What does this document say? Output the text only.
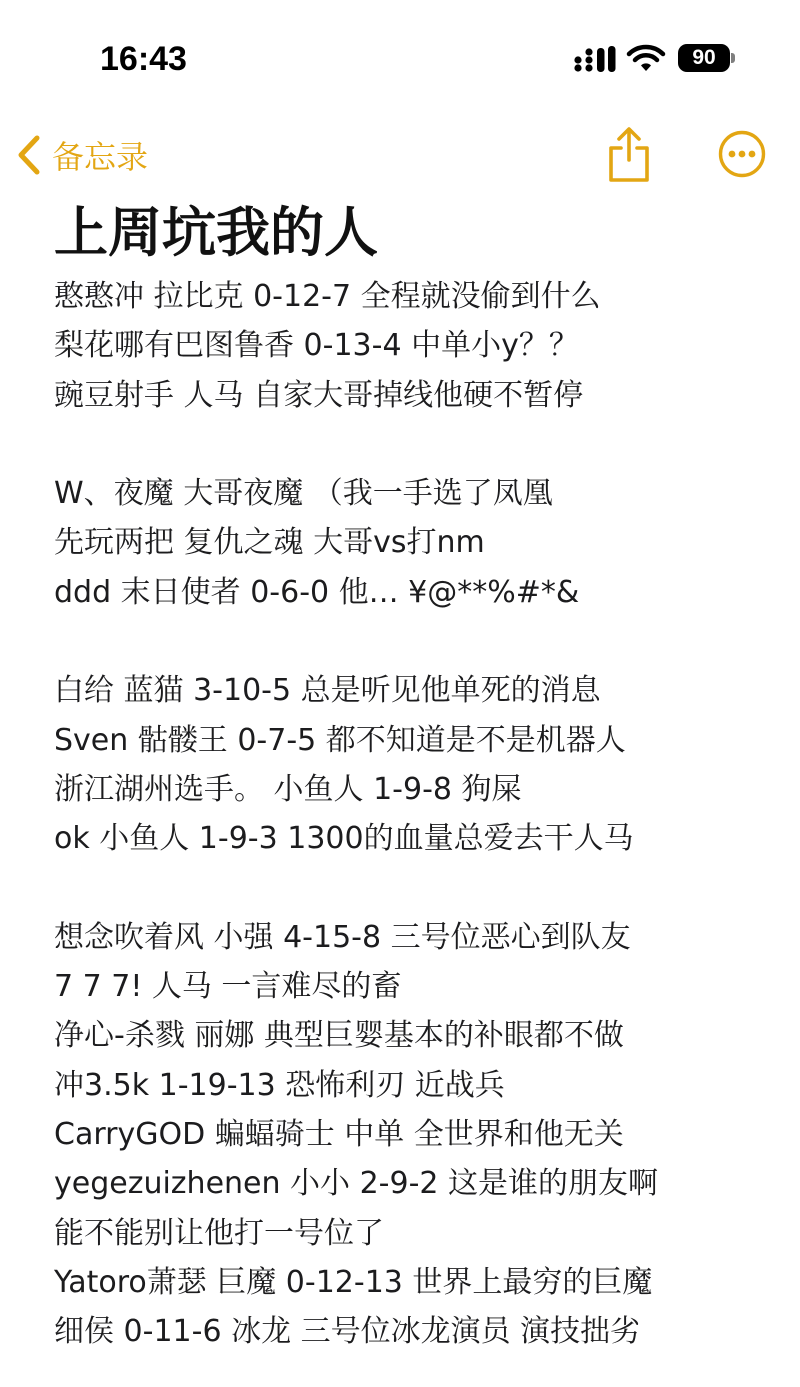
16:43	90
备忘录
上周坑我的人
憨憨冲 拉比克 0-12-7 全程就没偷到什么
梨花哪有巴图鲁香 0-13-4 中单小y？？
豌豆射手 人马 自家大哥掉线他硬不暂停
W、夜魔 大哥夜魔 （我一手选了凤凰
先玩两把 复仇之魂 大哥vs打nm
ddd 末日使者 0-6-0 他… ¥@**%#*&
白给 蓝猫 3-10-5 总是听见他单死的消息
Sven 骷髅王 0-7-5 都不知道是不是机器人
浙江湖州选手。 小鱼人 1-9-8 狗屎
ok 小鱼人 1-9-3 1300的血量总爱去干人马
想念吹着风 小强 4-15-8 三号位恶心到队友
7 7 7! 人马 一言难尽的畜
净心-杀戮 丽娜 典型巨婴基本的补眼都不做
冲3.5k 1-19-13 恐怖利刃 近战兵
CarryGOD 蝙蝠骑士 中单 全世界和他无关
yegezuizhenen 小小 2-9-2 这是谁的朋友啊
能不能别让他打一号位了
Yatoro萧瑟 巨魔 0-12-13 世界上最穷的巨魔
细侯 0-11-6 冰龙 三号位冰龙演员 演技拙劣
